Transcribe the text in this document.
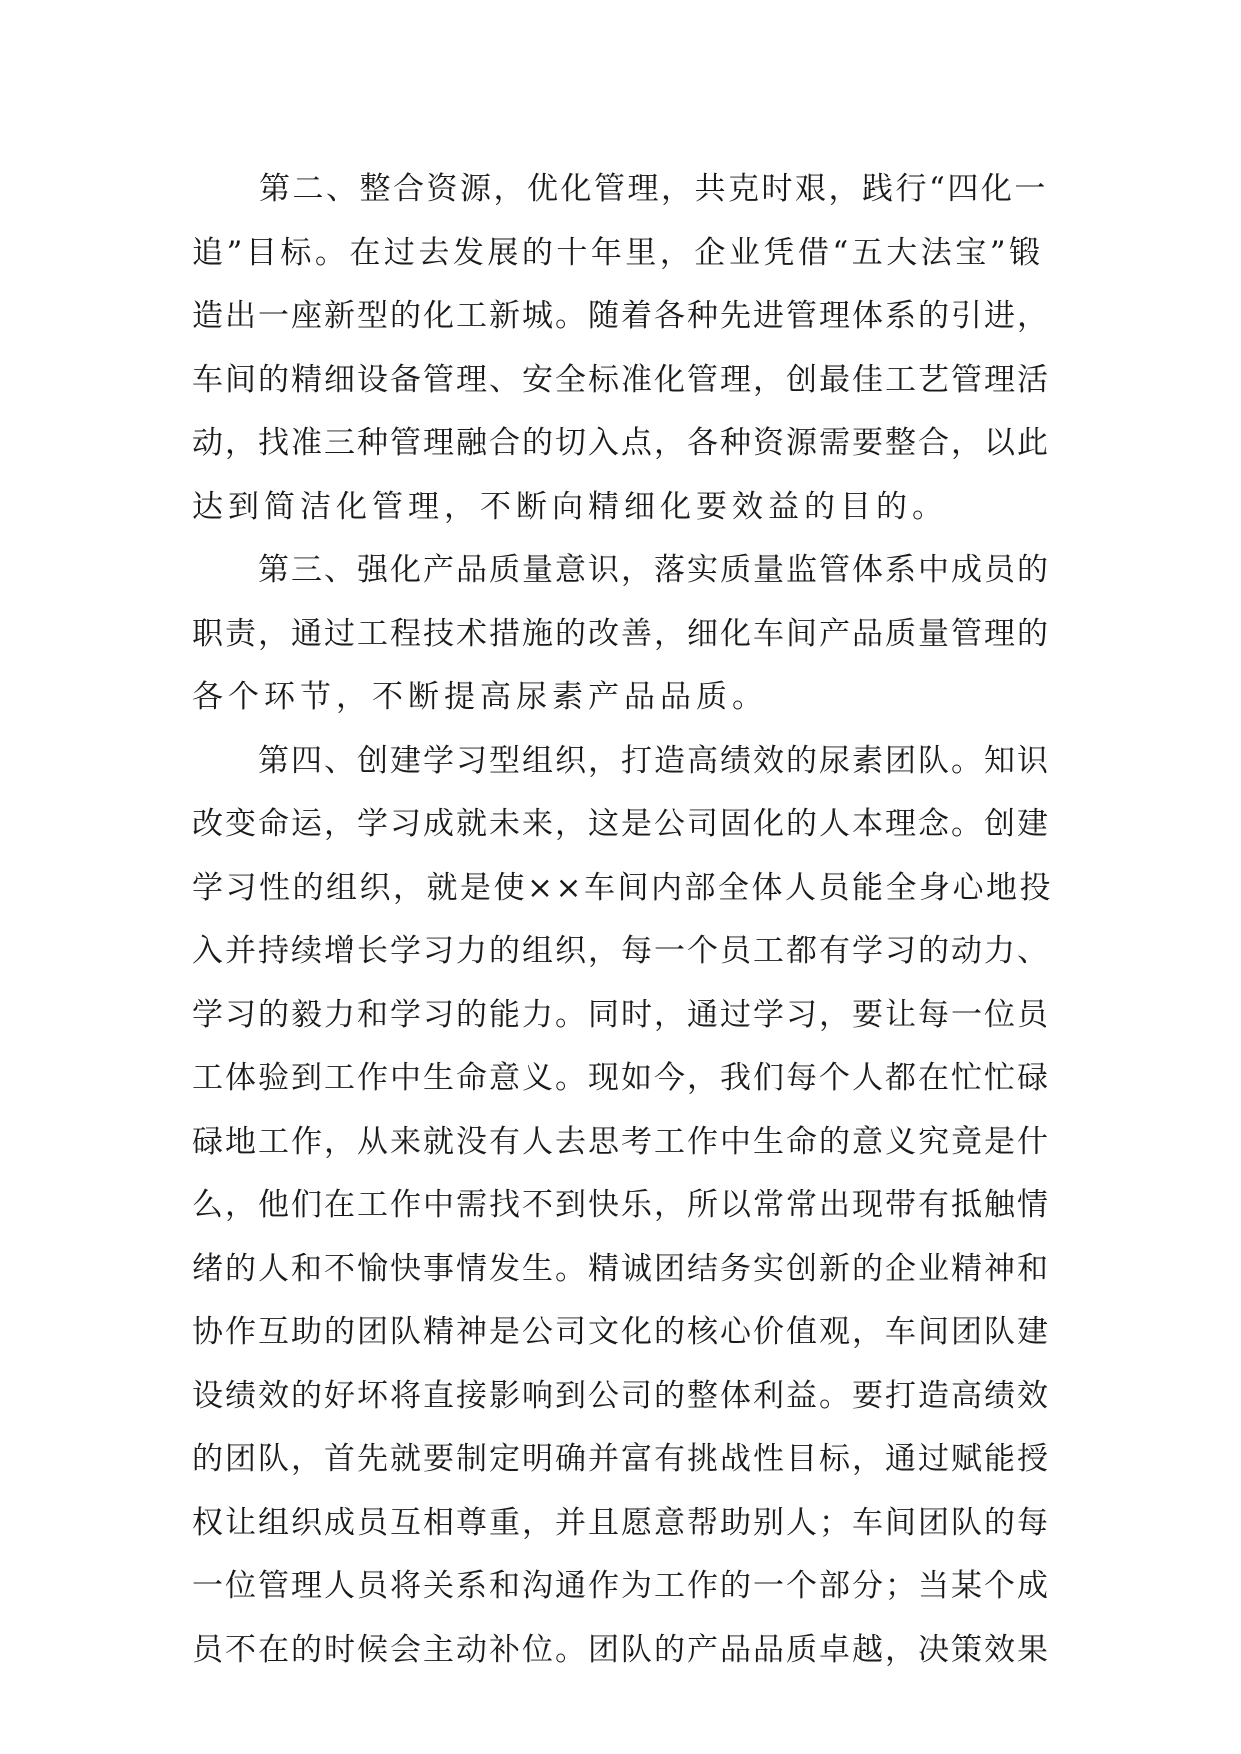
　　第二、整合资源，优化管理，共克时艰，践行“四化一
追”目标。在过去发展的十年里，企业凭借“五大法宝”锻
造出一座新型的化工新城。随着各种先进管理体系的引进，
车间的精细设备管理、安全标准化管理，创最佳工艺管理活
动，找准三种管理融合的切入点，各种资源需要整合，以此
达到简洁化管理，不断向精细化要效益的目的。
　　第三、强化产品质量意识，落实质量监管体系中成员的
职责，通过工程技术措施的改善，细化车间产品质量管理的
各个环节，不断提高尿素产品品质。
　　第四、创建学习型组织，打造高绩效的尿素团队。知识
改变命运，学习成就未来，这是公司固化的人本理念。创建
学习性的组织，就是使××车间内部全体人员能全身心地投
入并持续增长学习力的组织，每一个员工都有学习的动力、
学习的毅力和学习的能力。同时，通过学习，要让每一位员
工体验到工作中生命意义。现如今，我们每个人都在忙忙碌
碌地工作，从来就没有人去思考工作中生命的意义究竟是什
么，他们在工作中需找不到快乐，所以常常出现带有抵触情
绪的人和不愉快事情发生。精诚团结务实创新的企业精神和
协作互助的团队精神是公司文化的核心价值观，车间团队建
设绩效的好坏将直接影响到公司的整体利益。要打造高绩效
的团队，首先就要制定明确并富有挑战性目标，通过赋能授
权让组织成员互相尊重，并且愿意帮助别人；车间团队的每
一位管理人员将关系和沟通作为工作的一个部分；当某个成
员不在的时候会主动补位。团队的产品品质卓越，决策效果
